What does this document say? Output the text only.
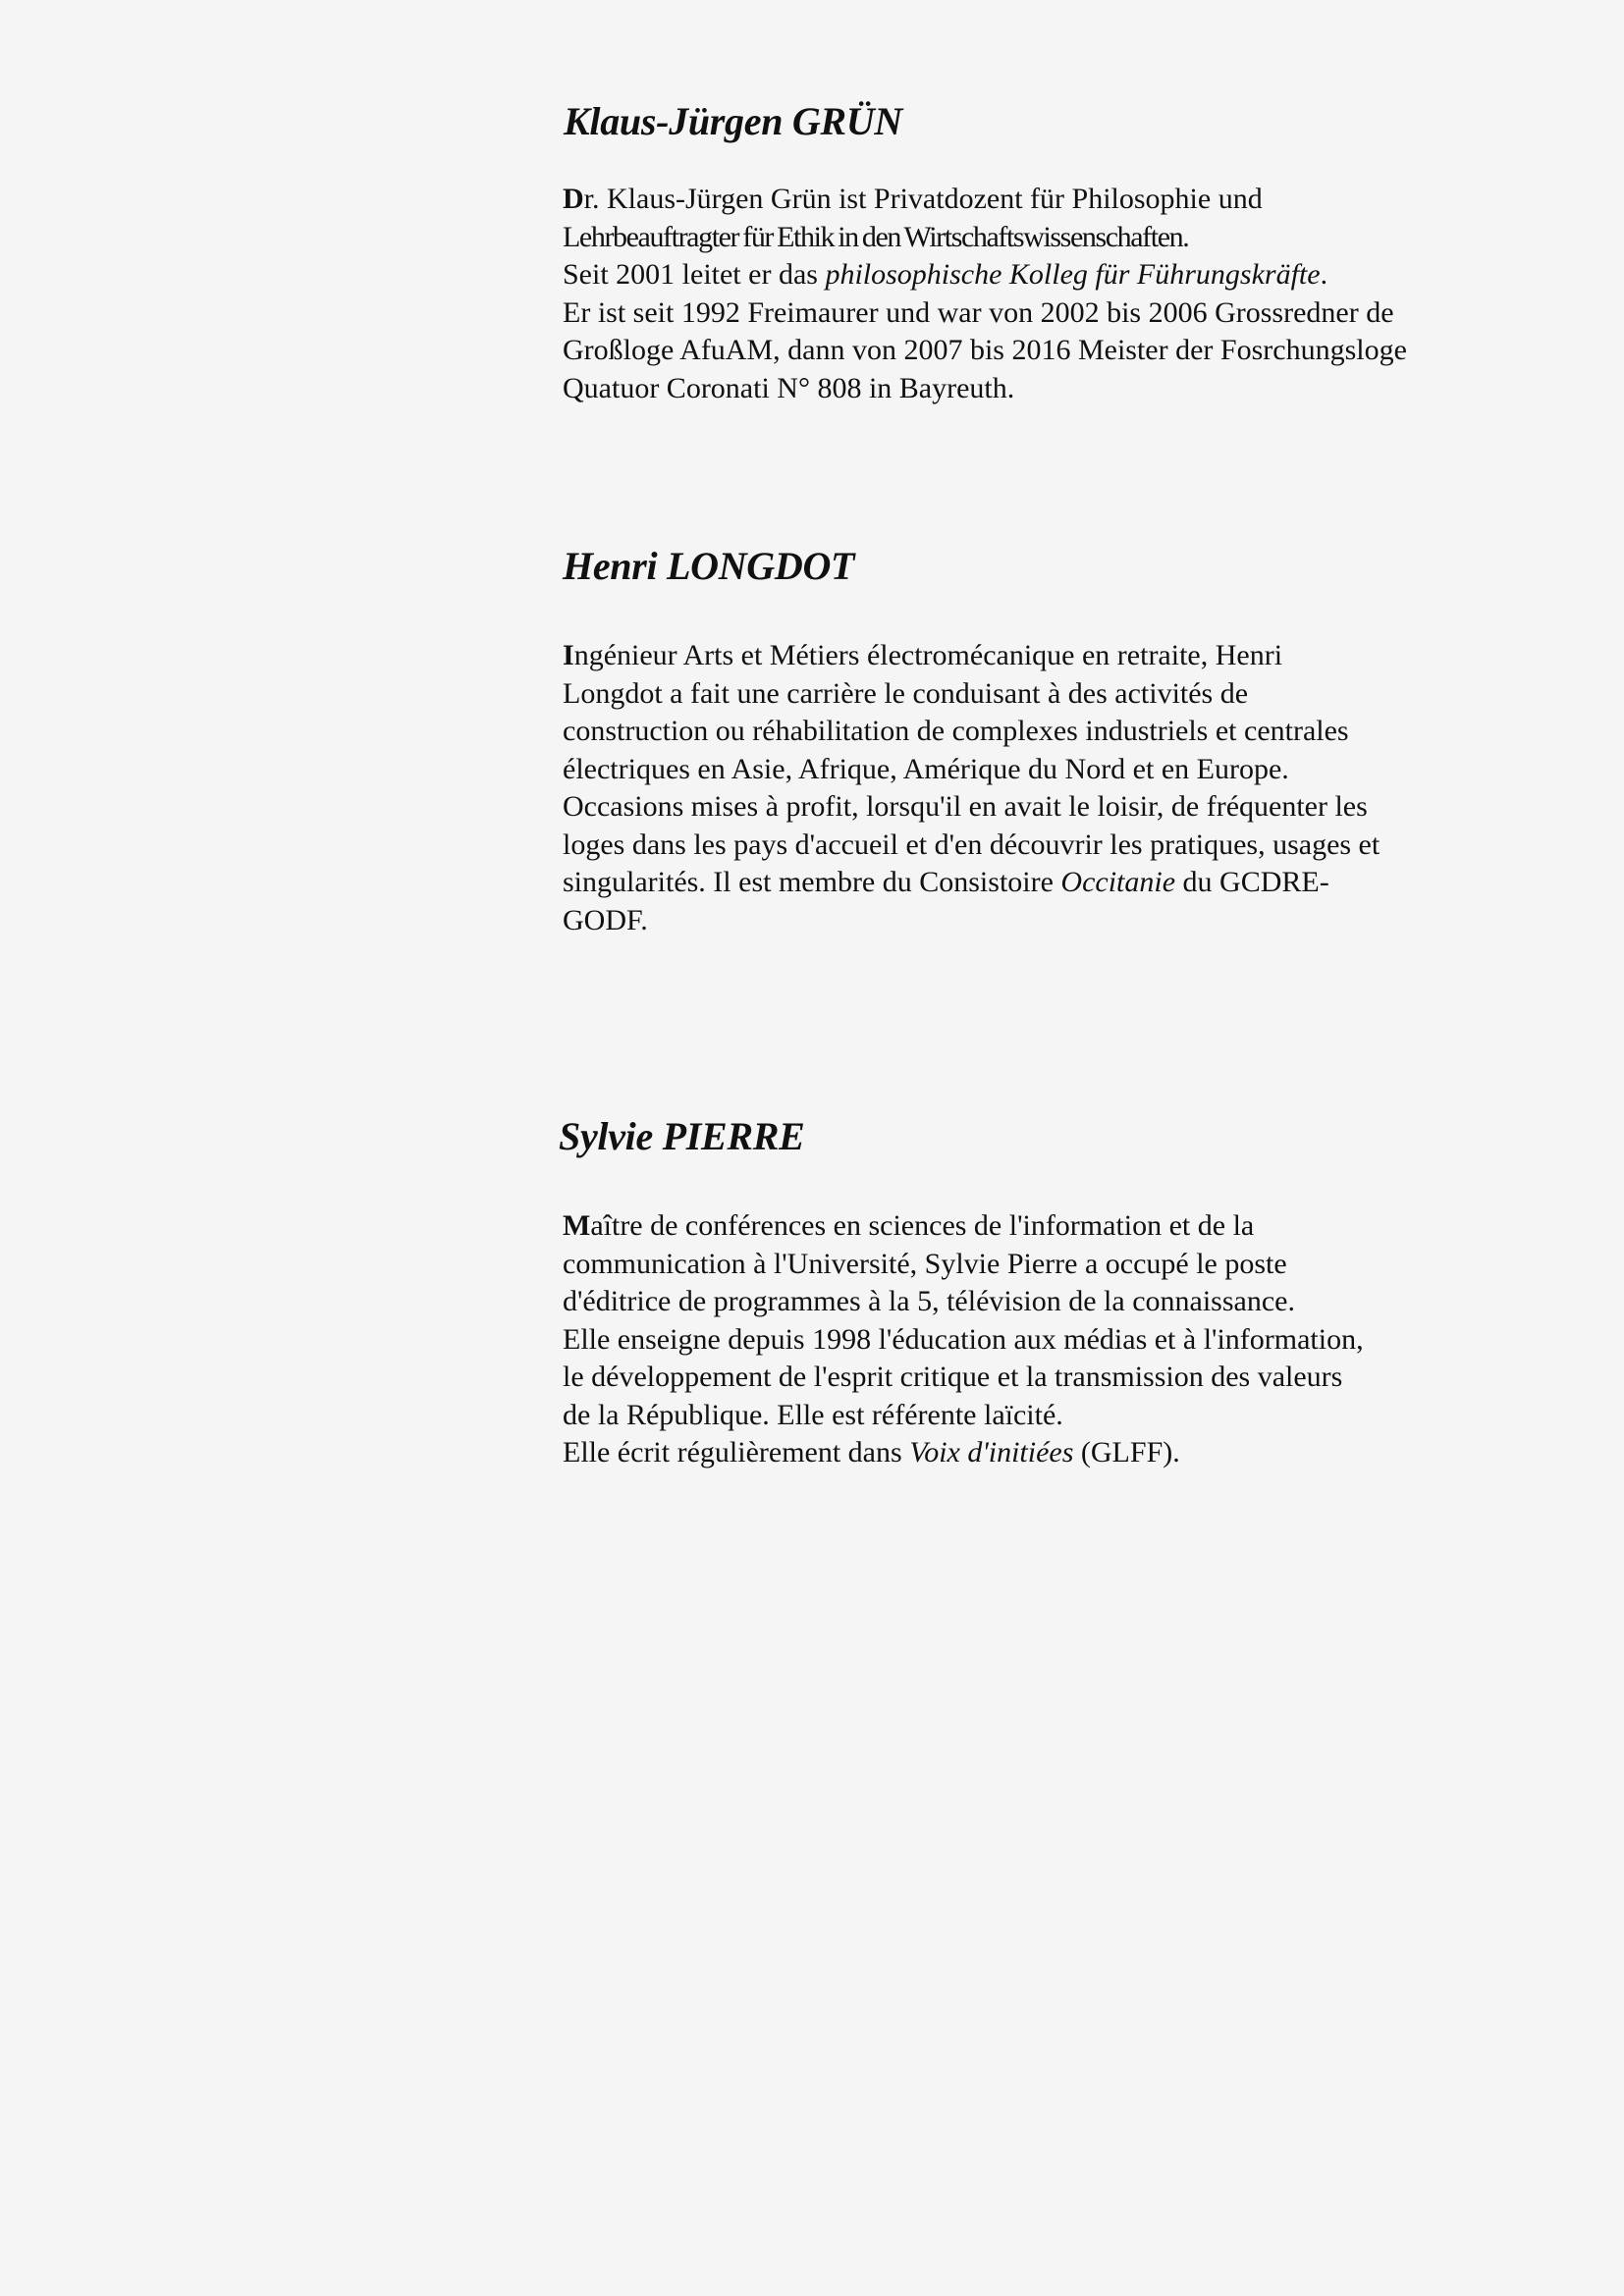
Klaus-Jürgen GRÜN
Dr. Klaus-Jürgen Grün ist Privatdozent für Philosophie und
Lehrbeauftragter für Ethik in den Wirtschaftswissenschaften.
Seit 2001 leitet er das philosophische Kolleg für Führungskräfte.
Er ist seit 1992 Freimaurer und war von 2002 bis 2006 Grossredner de
Großloge AfuAM, dann von 2007 bis 2016 Meister der Fosrchungsloge
Quatuor Coronati N° 808 in Bayreuth.
Henri LONGDOT
Ingénieur Arts et Métiers électromécanique en retraite, Henri
Longdot a fait une carrière le conduisant à des activités de
construction ou réhabilitation de complexes industriels et centrales
électriques en Asie, Afrique, Amérique du Nord et en Europe.
Occasions mises à profit, lorsqu'il en avait le loisir, de fréquenter les
loges dans les pays d'accueil et d'en découvrir les pratiques, usages et
singularités. Il est membre du Consistoire Occitanie du GCDRE-
GODF.
Sylvie PIERRE
Maître de conférences en sciences de l'information et de la
communication à l'Université, Sylvie Pierre a occupé le poste
d'éditrice de programmes à la 5, télévision de la connaissance.
Elle enseigne depuis 1998 l'éducation aux médias et à l'information,
le développement de l'esprit critique et la transmission des valeurs
de la République. Elle est référente laïcité.
Elle écrit régulièrement dans Voix d'initiées (GLFF).
